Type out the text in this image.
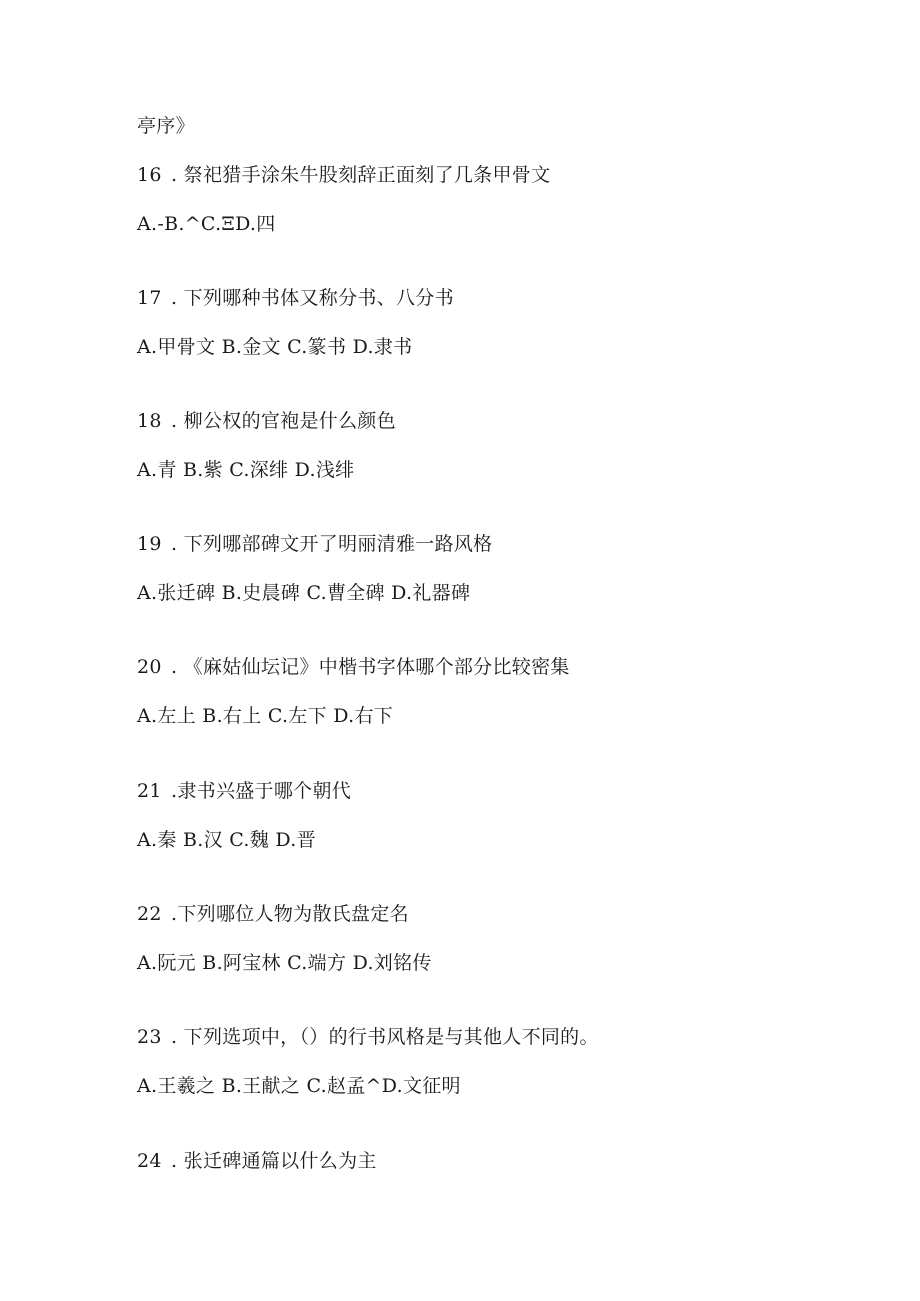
亭序》
16 . 祭祀猎手涂朱牛股刻辞正面刻了几条甲骨文
A.-B.^C.ΞD.四
17 . 下列哪种书体又称分书、八分书
A.甲骨文 B.金文 C.篆书 D.隶书
18 . 柳公权的官袍是什么颜色
A.青 B.紫 C.深绯 D.浅绯
19 . 下列哪部碑文开了明丽清雅一路风格
A.张迁碑 B.史晨碑 C.曹全碑 D.礼器碑
20 . 《麻姑仙坛记》中楷书字体哪个部分比较密集
A.左上 B.右上 C.左下 D.右下
21 .隶书兴盛于哪个朝代
A.秦 B.汉 C.魏 D.晋
22 .下列哪位人物为散氏盘定名
A.阮元 B.阿宝林 C.端方 D.刘铭传
23 . 下列选项中，（）的行书风格是与其他人不同的。
A.王羲之 B.王献之 C.赵孟^D.文征明
24 . 张迁碑通篇以什么为主
